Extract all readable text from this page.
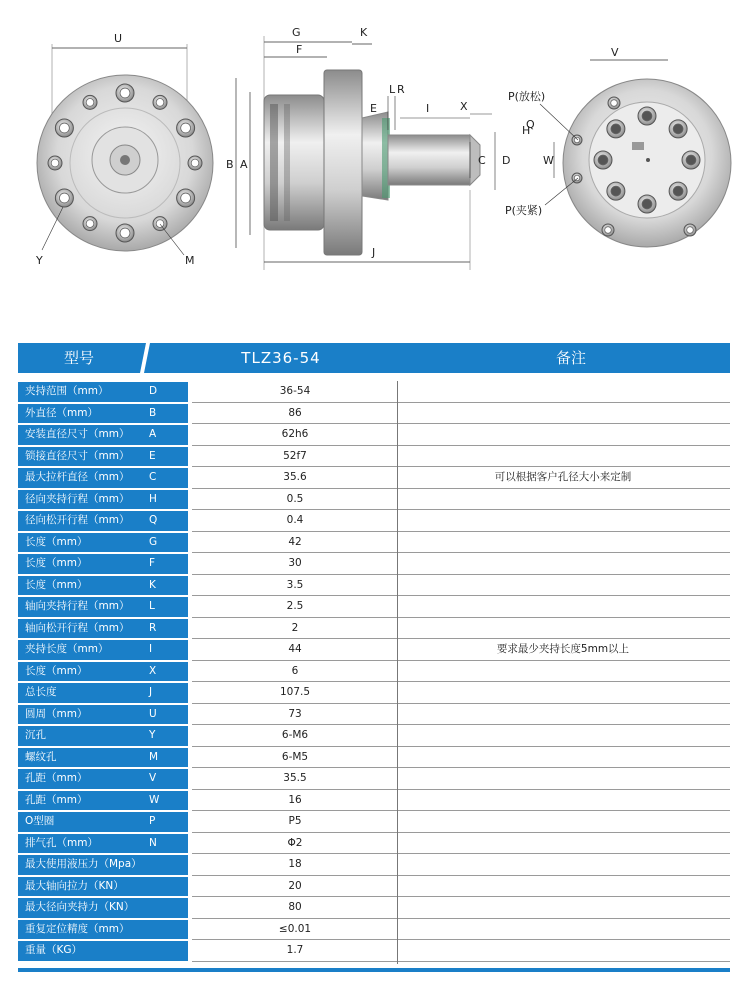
U
Y	M
G
F
K
B A
L R
E	I	X
C D
J
V
P(放松)
P(夹紧)
H
Q
W
型号	TLZ36-54	备注
夹持范围（mm）	D	36-54
外直径（mm）	B	86
安装直径尺寸（mm） A	62h6
锁接直径尺寸（mm） E	52f7
最大拉杆直径（mm） C	35.6	可以根据客户孔径大小来定制
径向夹持行程（mm） H	0.5
径向松开行程（mm） Q	0.4
长度（mm）	G	42
长度（mm）	F	30
长度（mm）	K	3.5
轴向夹持行程（mm） L	2.5
轴向松开行程（mm） R	2
夹持长度（mm）	I	44	要求最少夹持长度5mm以上
长度（mm）	X	6
总长度	J	107.5
圆周（mm）	U	73
沉孔	Y	6-M6
螺纹孔	M	6-M5
孔距（mm）	V	35.5
孔距（mm）	W	16
O型圈	P	P5
排气孔（mm）	N	Φ2
最大使用液压力（Mpa）	18
最大轴向拉力（KN）	20
最大径向夹持力（KN）	80
重复定位精度（mm）	≤0.01
重量（KG）	1.7
